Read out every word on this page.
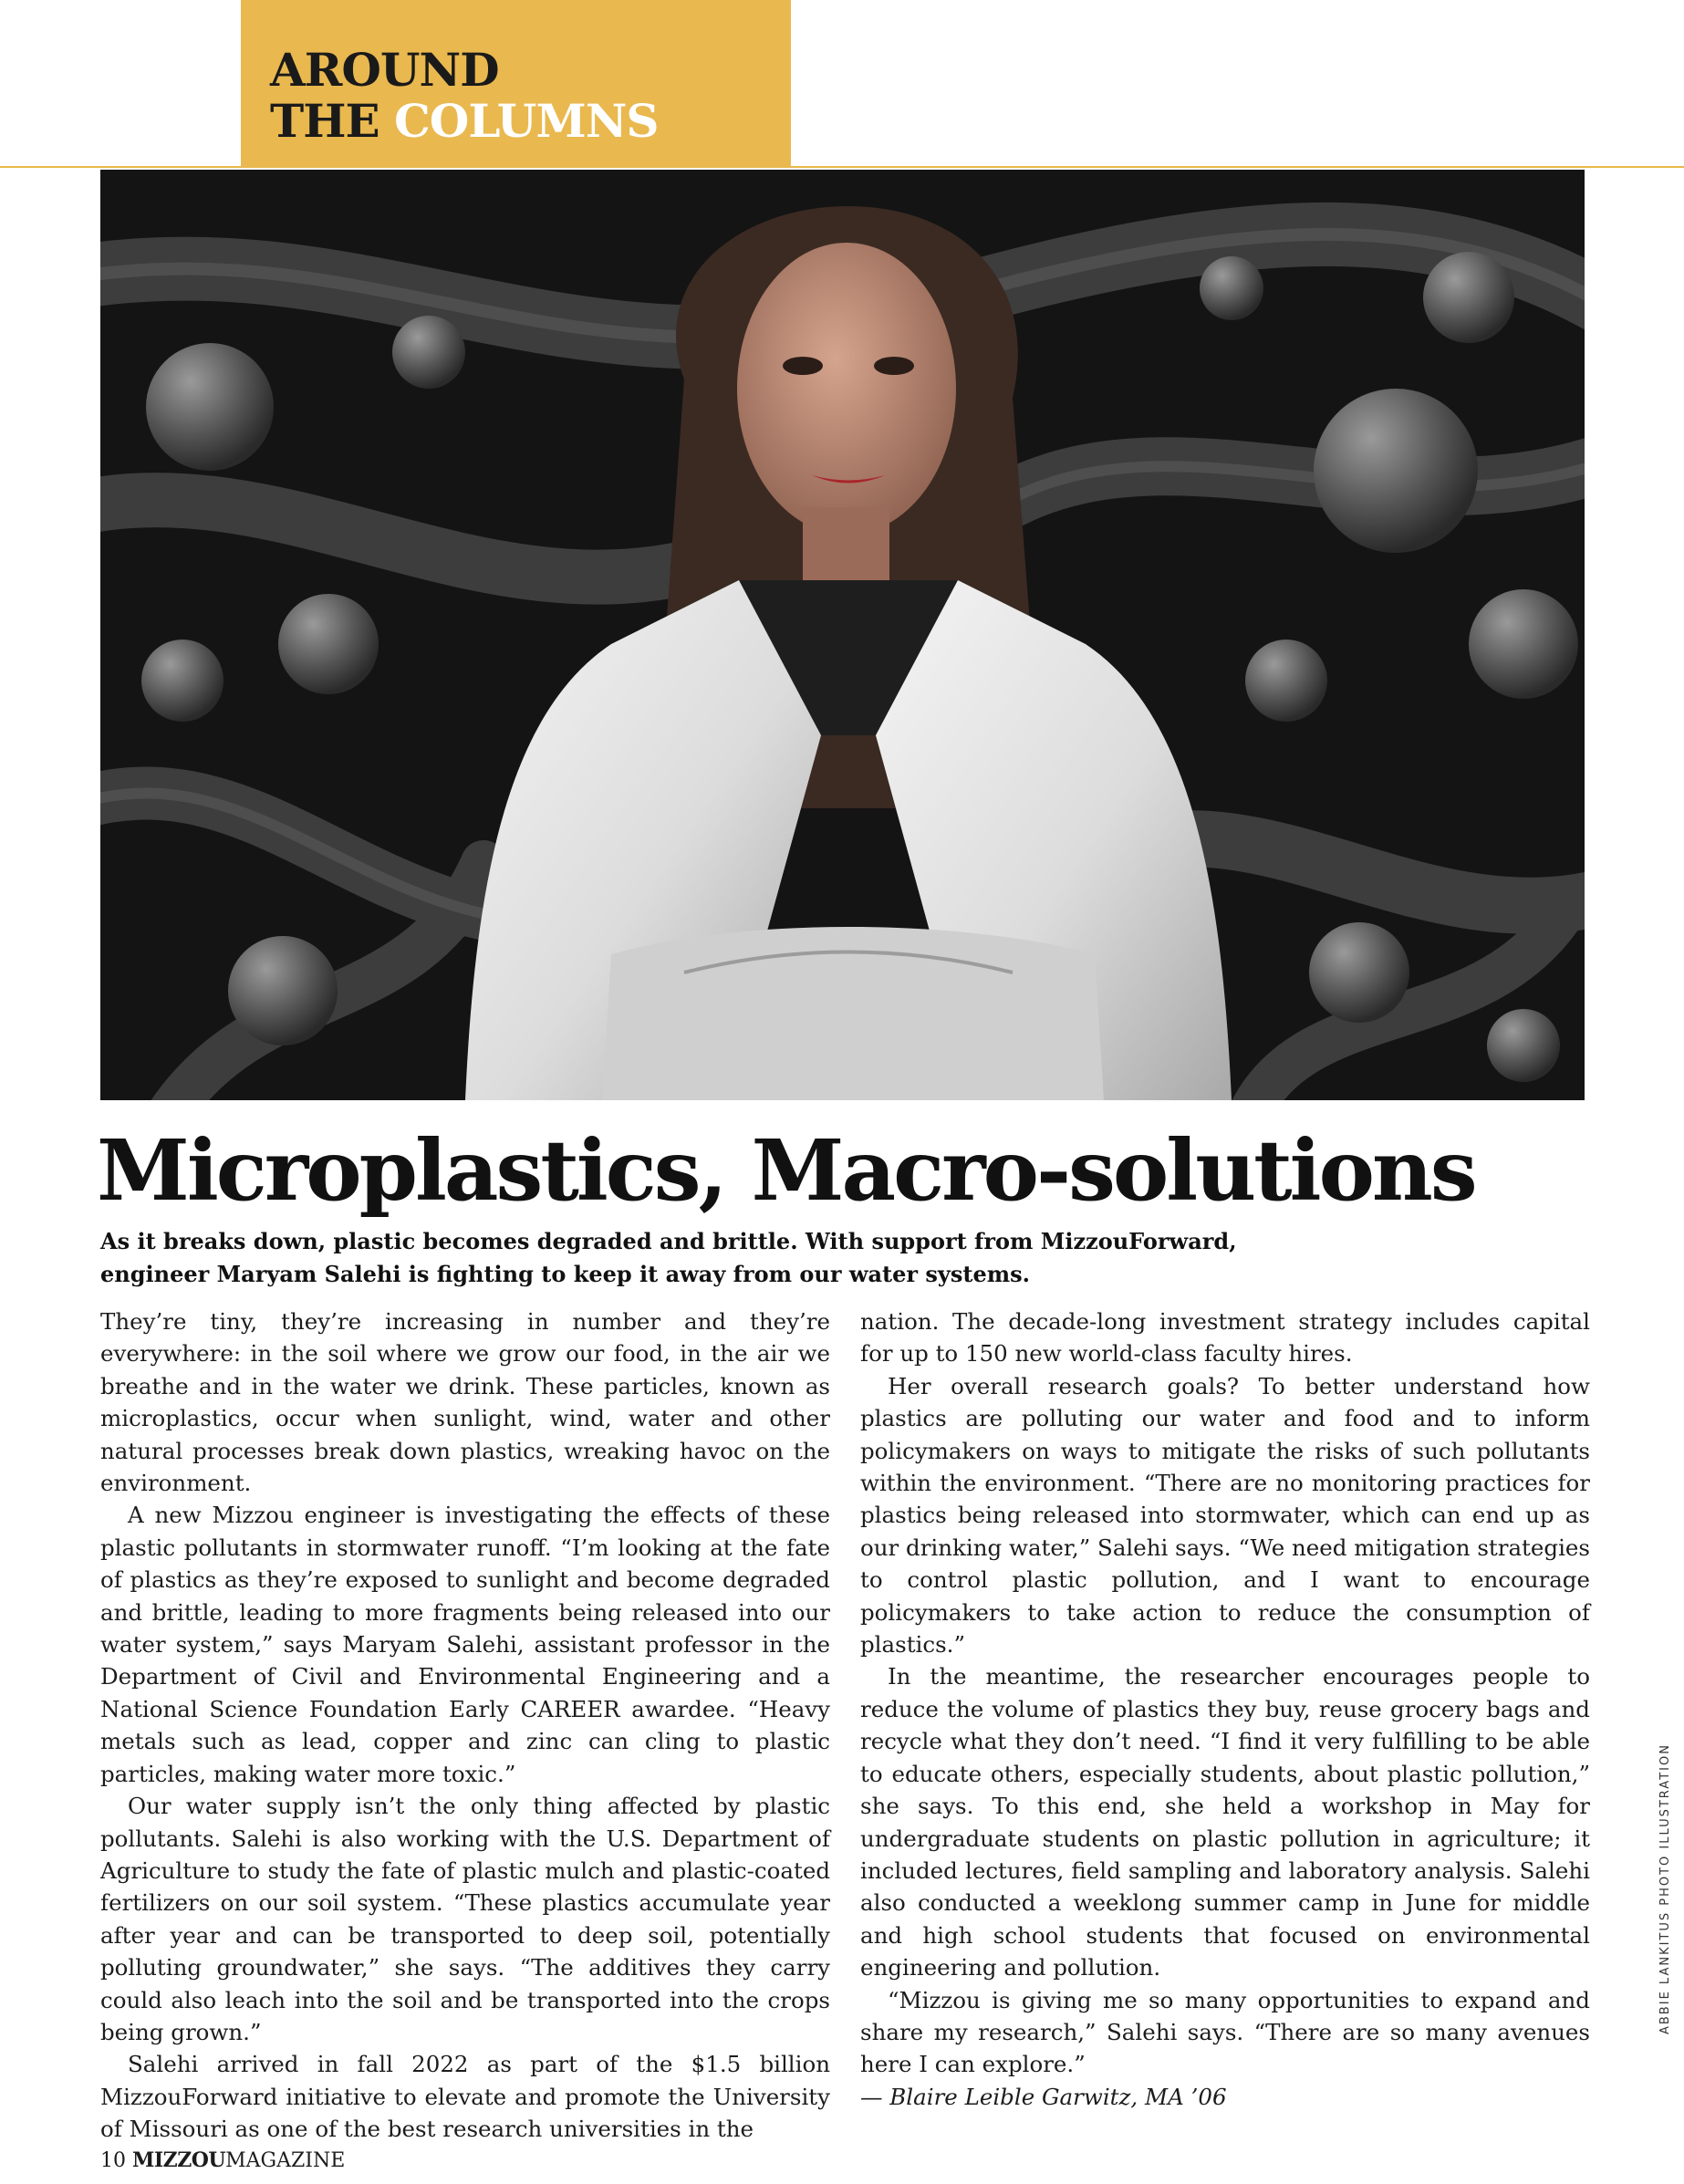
AROUND
THE COLUMNS
Microplastics, Macro-solutions
As it breaks down, plastic becomes degraded and brittle. With support from MizzouForward, engineer Maryam Salehi is fighting to keep it away from our water systems.

They’re tiny, they’re increasing in number and they’re everywhere: in the soil where we grow our food, in the air we breathe and in the water we drink. These particles, known as microplastics, occur when sunlight, wind, water and other natural processes break down plastics, wreaking havoc on the environment.

A new Mizzou engineer is investigating the effects of these plastic pollutants in stormwater runoff. “I’m looking at the fate of plastics as they’re exposed to sunlight and become degraded and brittle, leading to more fragments being released into our water system,” says Maryam Salehi, assistant professor in the Department of Civil and Environmental Engineering and a National Science Foundation Early CAREER awardee. “Heavy metals such as lead, copper and zinc can cling to plastic particles, making water more toxic.”

Our water supply isn’t the only thing affected by plastic pollutants. Salehi is also working with the U.S. Department of Agriculture to study the fate of plastic mulch and plastic-coated fertilizers on our soil system. “These plastics accumulate year after year and can be transported to deep soil, potentially polluting groundwater,” she says. “The additives they carry could also leach into the soil and be transported into the crops being grown.”

Salehi arrived in fall 2022 as part of the $1.5 billion MizzouForward initiative to elevate and promote the University of Missouri as one of the best research universities in the

nation. The decade-long investment strategy includes capital for up to 150 new world-class faculty hires.

Her overall research goals? To better understand how plastics are polluting our water and food and to inform policymakers on ways to mitigate the risks of such pollutants within the environment. “There are no monitoring practices for plastics being released into stormwater, which can end up as our drinking water,” Salehi says. “We need mitigation strategies to control plastic pollution, and I want to encourage policymakers to take action to reduce the consumption of plastics.”

In the meantime, the researcher encourages people to reduce the volume of plastics they buy, reuse grocery bags and recycle what they don’t need. “I find it very fulfilling to be able to educate others, especially students, about plastic pollution,” she says. To this end, she held a workshop in May for undergraduate students on plastic pollution in agriculture; it included lectures, field sampling and laboratory analysis. Salehi also conducted a weeklong summer camp in June for middle and high school students that focused on environmental engineering and pollution.

“Mizzou is giving me so many opportunities to expand and share my research,” Salehi says. “There are so many avenues here I can explore.”

— Blaire Leible Garwitz, MA ’06

ABBIE LANKITUS PHOTO ILLUSTRATION
10 MIZZOUMAGAZINE
